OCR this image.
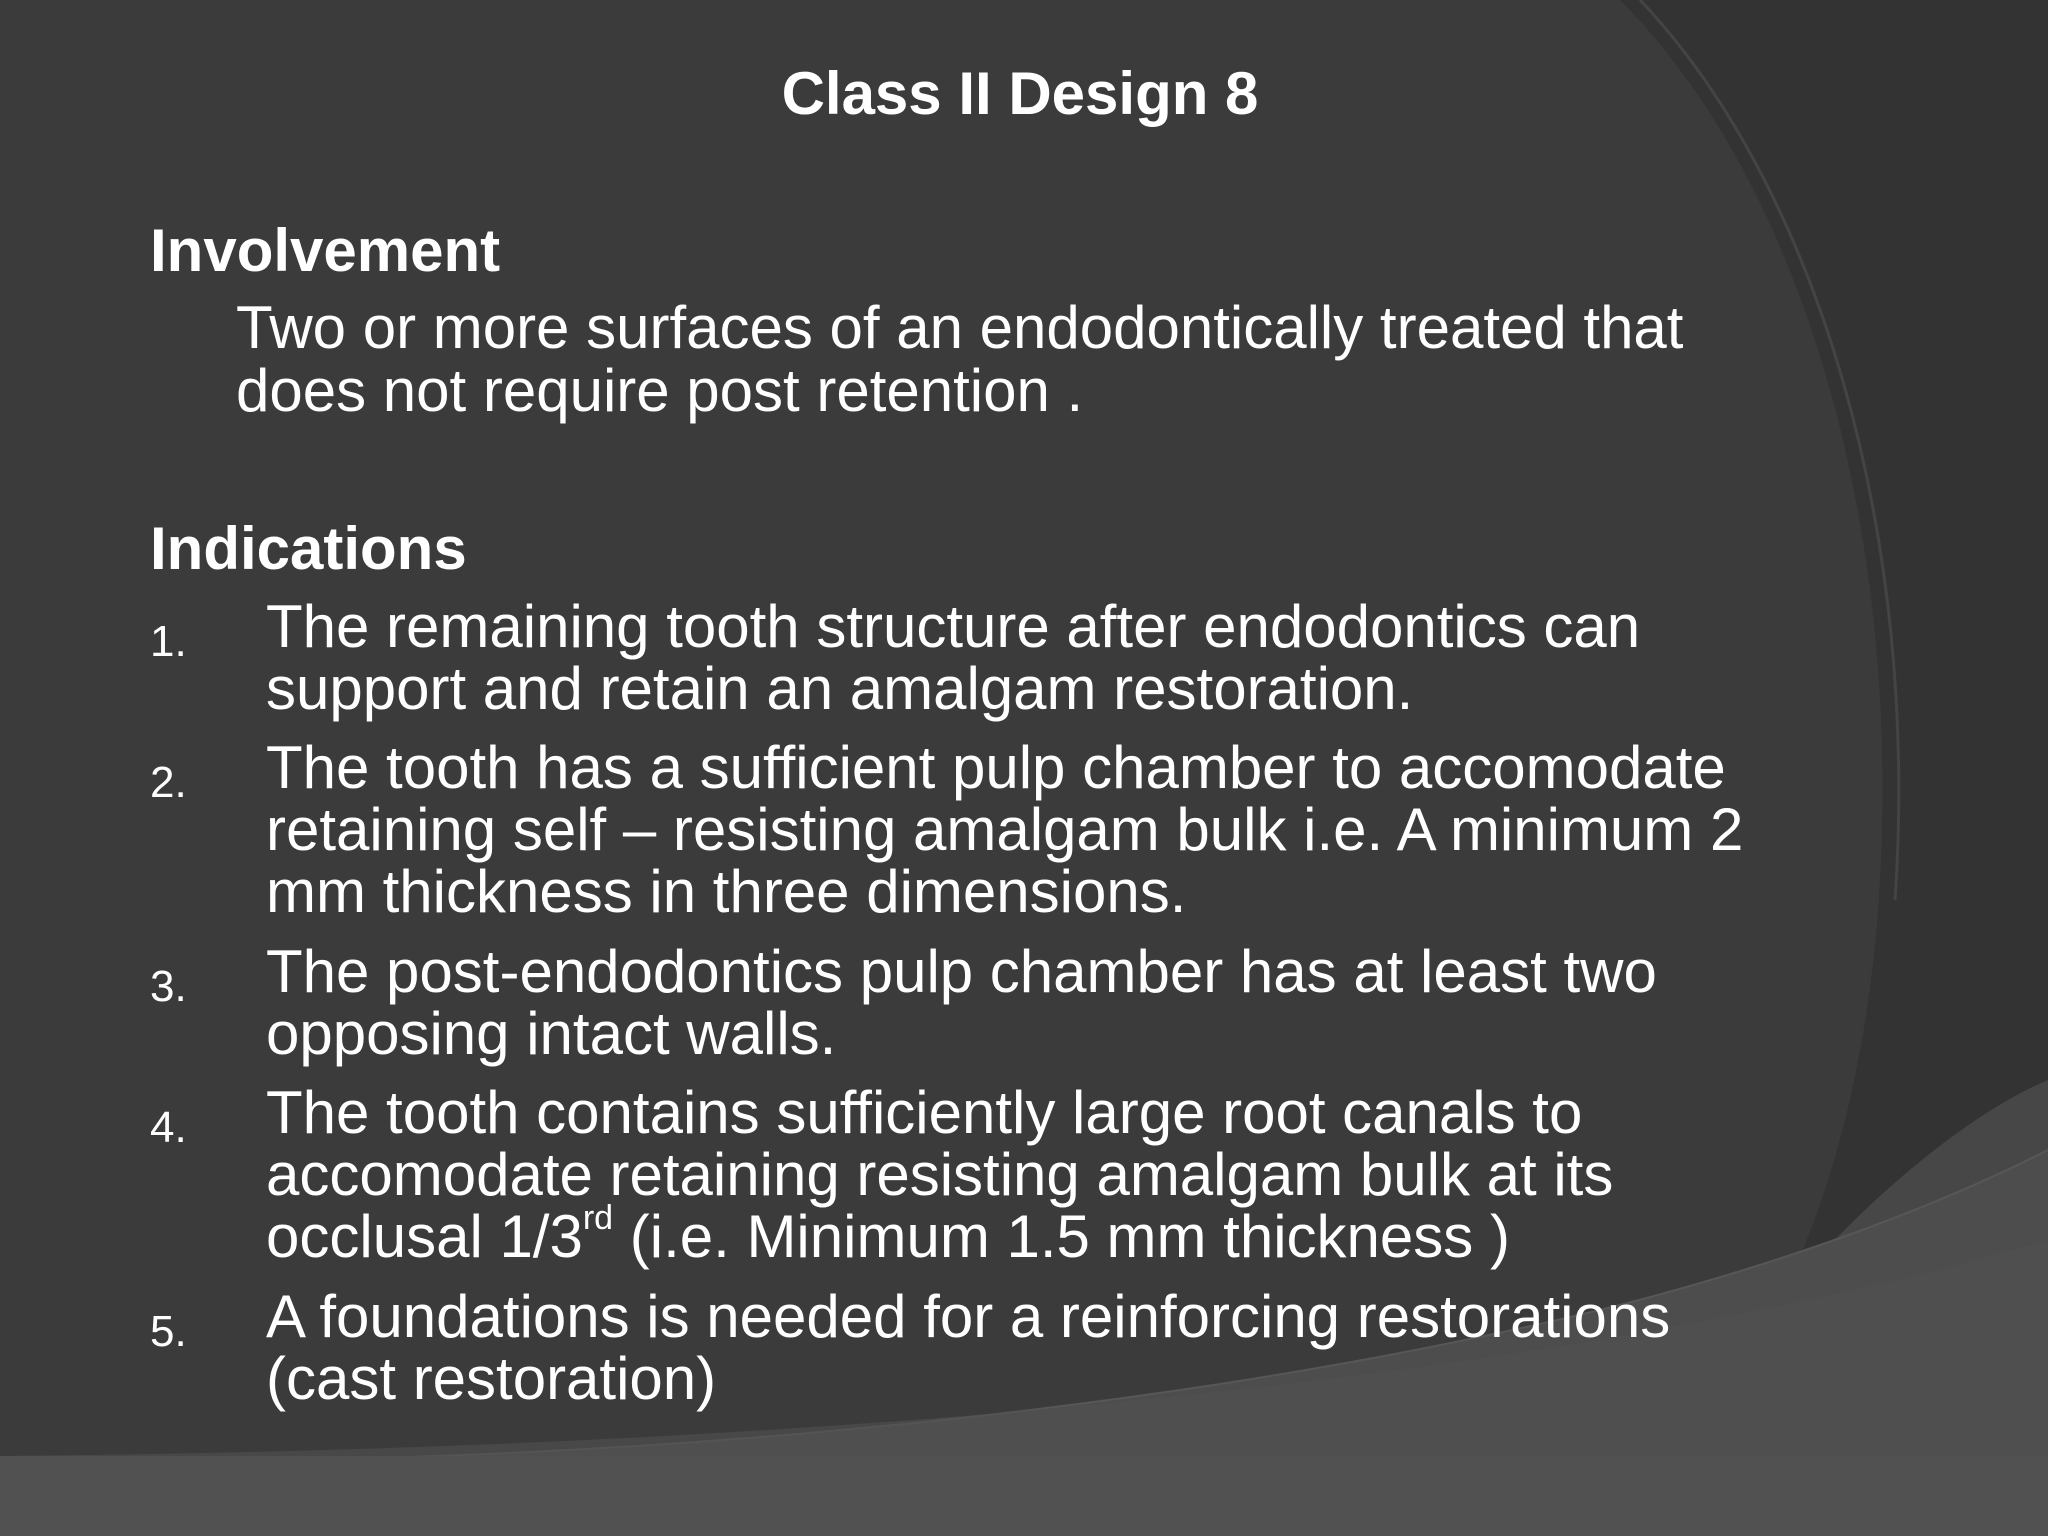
Class II Design 8
Involvement

Two or more surfaces of an endodontically treated that
does not require post retention .

Indications
1. The remaining tooth structure after endodontics can
support and retain an amalgam restoration.
2. The tooth has a sufficient pulp chamber to accomodate
retaining self – resisting amalgam bulk i.e. A minimum 2
mm thickness in three dimensions.
3. The post-endodontics pulp chamber has at least two
opposing intact walls.
4. The tooth contains sufficiently large root canals to
accomodate retaining resisting amalgam bulk at its
occlusal 1/3rd (i.e. Minimum 1.5 mm thickness )
5. A foundations is needed for a reinforcing restorations
(cast restoration)
